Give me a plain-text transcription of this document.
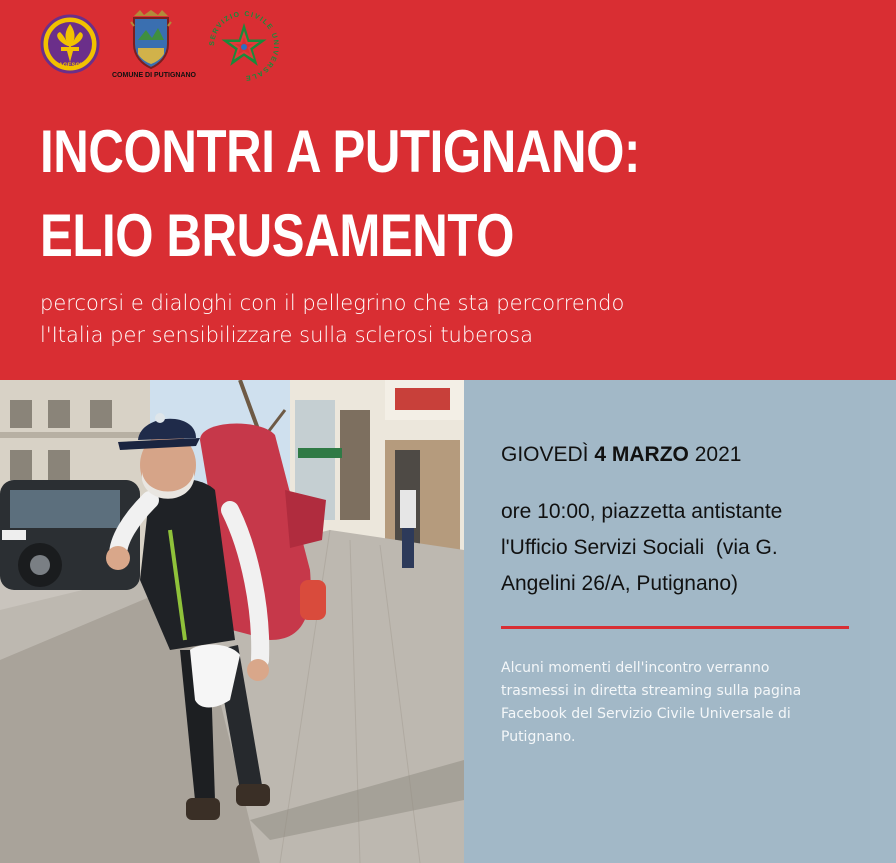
AGESCI
COMUNE DI PUTIGNANO
SERVIZIO CIVILE UNIVERSALE
INCONTRI A PUTIGNANO:
ELIO BRUSAMENTO
percorsi e dialoghi con il pellegrino che sta percorrendo
l'Italia per sensibilizzare sulla sclerosi tuberosa
GIOVEDÌ 4 MARZO 2021
ore 10:00, piazzetta antistante
l'Ufficio Servizi Sociali  (via G.
Angelini 26/A, Putignano)
Alcuni momenti dell'incontro verranno
trasmessi in diretta streaming sulla pagina
Facebook del Servizio Civile Universale di
Putignano.
